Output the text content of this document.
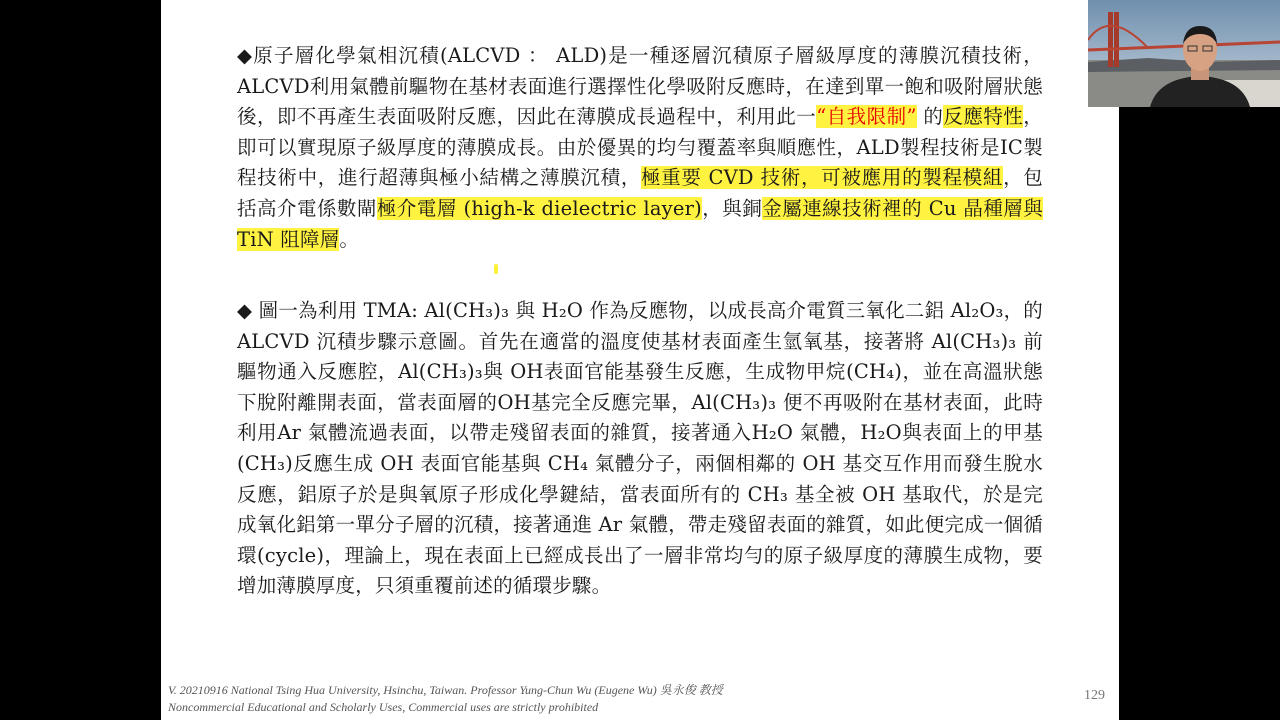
◆原子層化學氣相沉積(ALCVD ： ALD)是一種逐層沉積原子層級厚度的薄膜沉積技術，ALCVD利用氣體前驅物在基材表面進行選擇性化學吸附反應時，在達到單一飽和吸附層狀態後，即不再產生表面吸附反應，因此在薄膜成長過程中，利用此一“自我限制” 的反應特性，即可以實現原子級厚度的薄膜成長。由於優異的均勻覆蓋率與順應性，ALD製程技術是IC製程技術中，進行超薄與極小結構之薄膜沉積，極重要 CVD 技術，可被應用的製程模組，包括高介電係數閘極介電層 (high-k dielectric layer)，與銅金屬連線技術裡的 Cu 晶種層與 TiN 阻障層。

◆ 圖一為利用 TMA: Al(CH₃)₃ 與 H₂O 作為反應物，以成長高介電質三氧化二鋁 Al₂O₃，的ALCVD 沉積步驟示意圖。首先在適當的溫度使基材表面產生氫氧基，接著將 Al(CH₃)₃ 前驅物通入反應腔，Al(CH₃)₃與 OH表面官能基發生反應，生成物甲烷(CH₄)，並在高溫狀態下脫附離開表面，當表面層的OH基完全反應完畢，Al(CH₃)₃ 便不再吸附在基材表面，此時利用Ar 氣體流過表面，以帶走殘留表面的雜質，接著通入H₂O 氣體，H₂O與表面上的甲基(CH₃)反應生成 OH 表面官能基與 CH₄ 氣體分子，兩個相鄰的 OH 基交互作用而發生脫水反應，鋁原子於是與氧原子形成化學鍵結，當表面所有的 CH₃ 基全被 OH 基取代，於是完成氧化鋁第一單分子層的沉積，接著通進 Ar 氣體，帶走殘留表面的雜質，如此便完成一個循環(cycle)，理論上，現在表面上已經成長出了一層非常均勻的原子級厚度的薄膜生成物，要增加薄膜厚度，只須重覆前述的循環步驟。

V. 20210916 National Tsing Hua University, Hsinchu, Taiwan. Professor Yung-Chun Wu (Eugene Wu) 吳永俊 教授
Noncommercial Educational and Scholarly Uses, Commercial uses are strictly prohibited
129
